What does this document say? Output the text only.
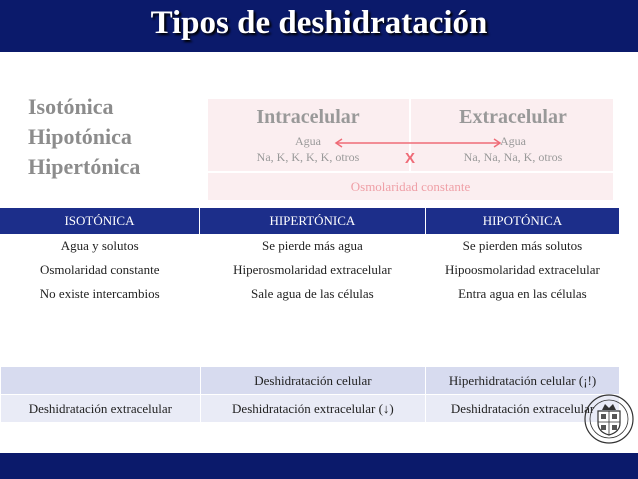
Tipos de deshidratación
Isotónica
Hipotónica
Hipertónica
Intracelular
Agua
Na, K, K, K, K, otros
Extracelular
Agua
Na, Na, Na, K, otros
X
Osmolaridad constante
ISOTÓNICA	HIPERTÓNICA	HIPOTÓNICA
Agua y solutos	Se pierde más agua	Se pierden más solutos
Osmolaridad constante	Hiperosmolaridad extracelular	Hipoosmolaridad extracelular
No existe intercambios	Sale agua de las células	Entra agua en las células
	Deshidratación celular	Hiperhidratación celular (¡!)
Deshidratación extracelular	Deshidratación extracelular (↓)	Deshidratación extracelular
